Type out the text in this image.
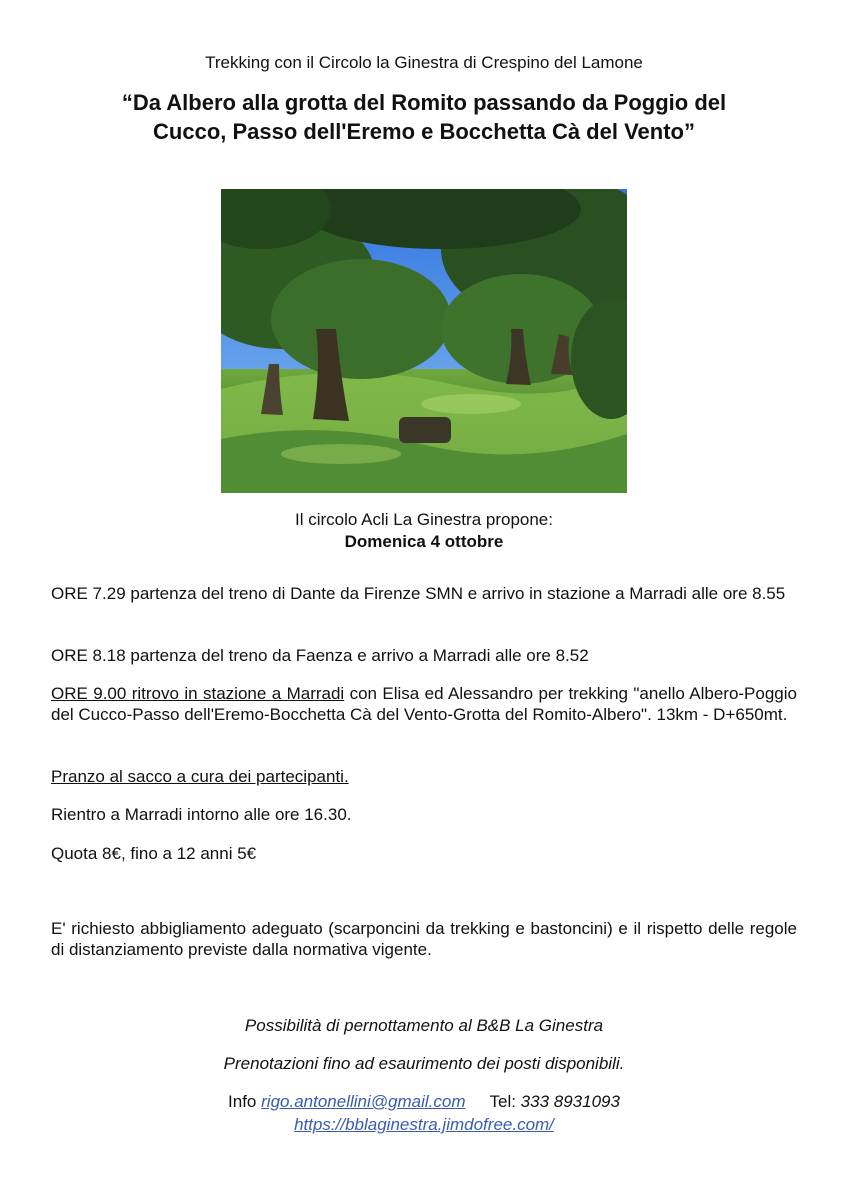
Trekking con il Circolo la Ginestra di Crespino del Lamone
“Da Albero alla grotta del Romito passando da Poggio del
Cucco, Passo dell'Eremo e Bocchetta Cà del Vento”
Il circolo Acli La Ginestra propone:
Domenica 4 ottobre
ORE 7.29 partenza del treno di Dante da Firenze SMN e arrivo in stazione a Marradi alle ore 8.55
ORE 8.18 partenza del treno da Faenza e arrivo a Marradi alle ore 8.52
ORE 9.00 ritrovo in stazione a Marradi con Elisa ed Alessandro per trekking "anello Albero-Poggio del Cucco-Passo dell'Eremo-Bocchetta Cà del Vento-Grotta del Romito-Albero". 13km - D+650mt.
Pranzo al sacco a cura dei partecipanti.
Rientro a Marradi intorno alle ore 16.30.
Quota 8€, fino a 12 anni 5€
E' richiesto abbigliamento adeguato (scarponcini da trekking e bastoncini) e il rispetto delle regole di distanziamento previste dalla normativa vigente.
Possibilità di pernottamento al B&B La Ginestra
Prenotazioni fino ad esaurimento dei posti disponibili.
Info rigo.antonellini@gmail.com Tel: 333 8931093
https://bblaginestra.jimdofree.com/
